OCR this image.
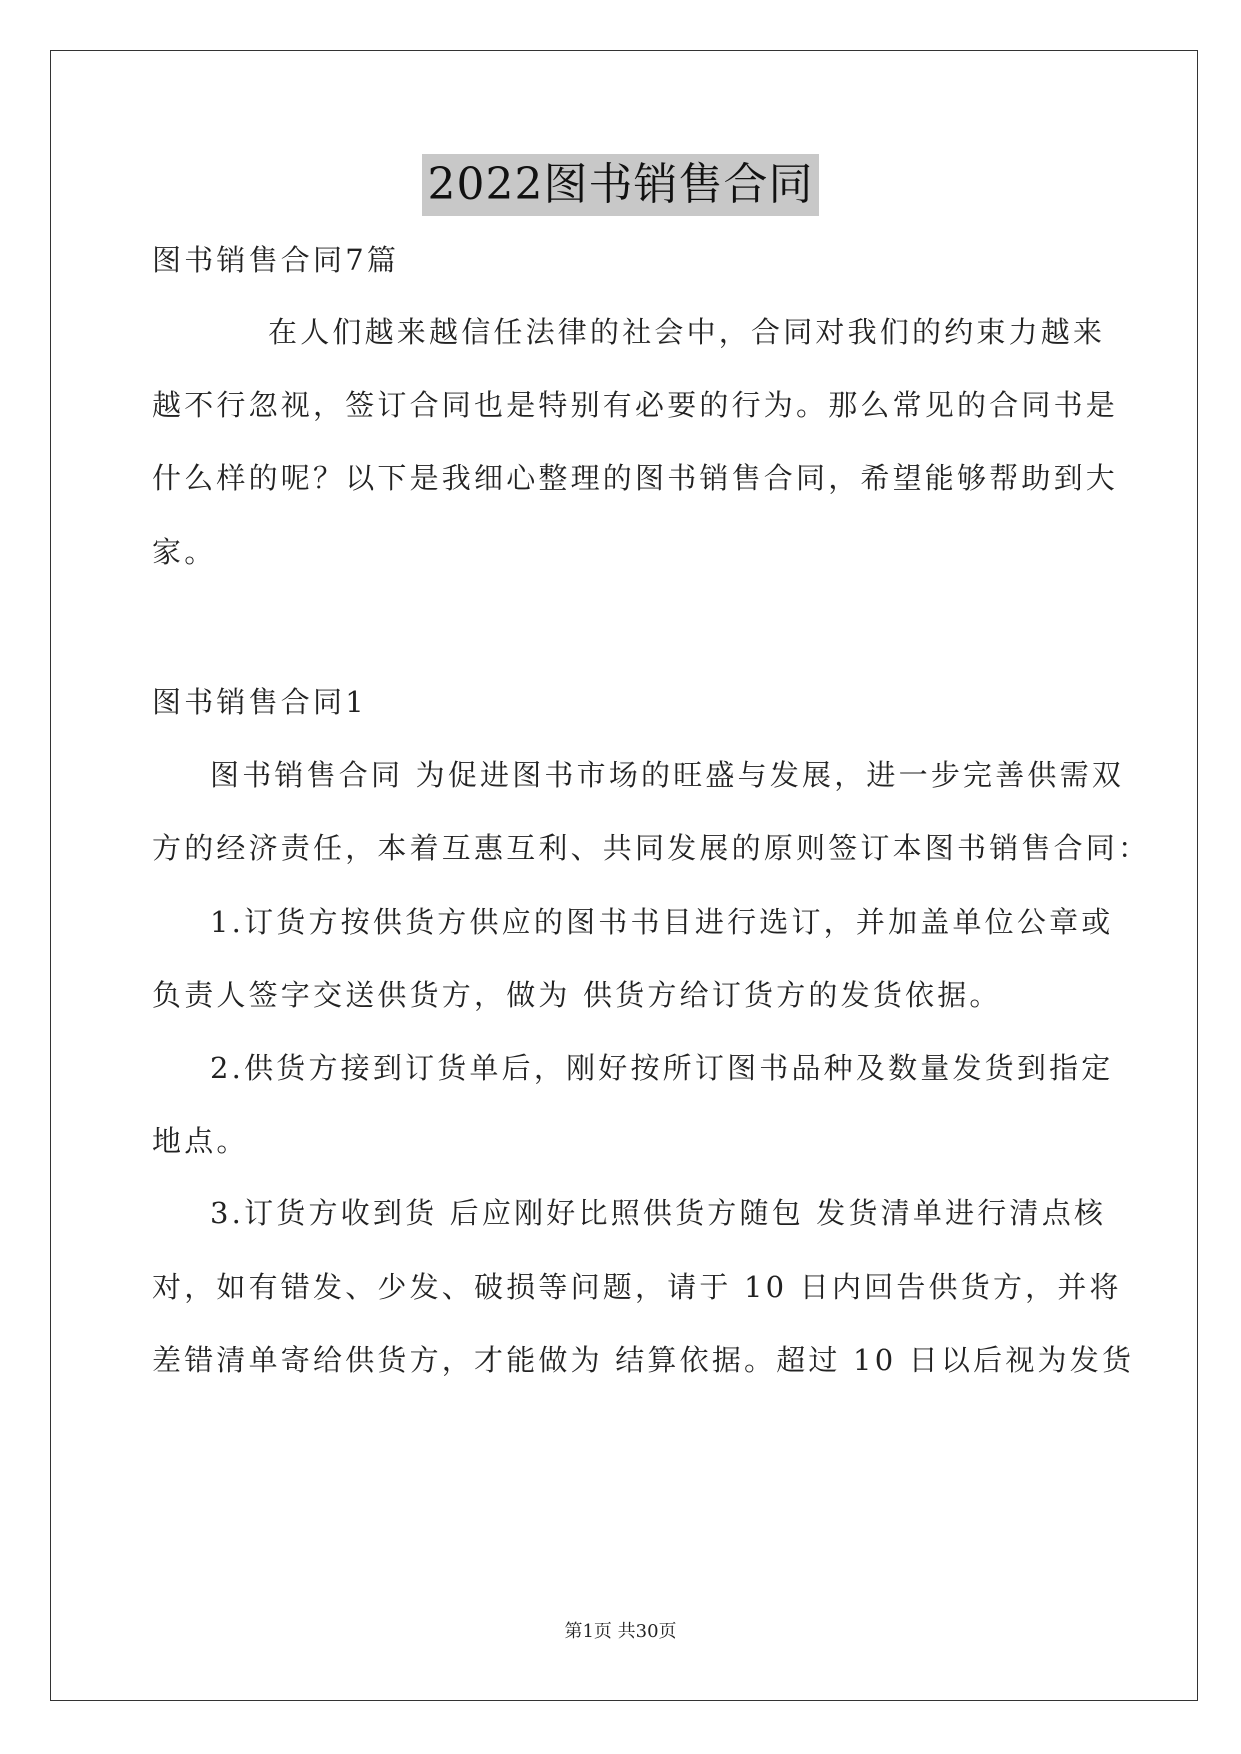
2022图书销售合同
图书销售合同7篇
在人们越来越信任法律的社会中，合同对我们的约束力越来
越不行忽视，签订合同也是特别有必要的行为。那么常见的合同书是
什么样的呢？以下是我细心整理的图书销售合同，希望能够帮助到大
家。
图书销售合同1
图书销售合同 为促进图书市场的旺盛与发展，进一步完善供需双
方的经济责任，本着互惠互利、共同发展的原则签订本图书销售合同：
1.订货方按供货方供应的图书书目进行选订，并加盖单位公章或
负责人签字交送供货方，做为 供货方给订货方的发货依据。
2.供货方接到订货单后，刚好按所订图书品种及数量发货到指定
地点。
3.订货方收到货 后应刚好比照供货方随包 发货清单进行清点核
对，如有错发、少发、破损等问题，请于 10 日内回告供货方，并将
差错清单寄给供货方，才能做为 结算依据。超过 10 日以后视为发货
第1页 共30页
